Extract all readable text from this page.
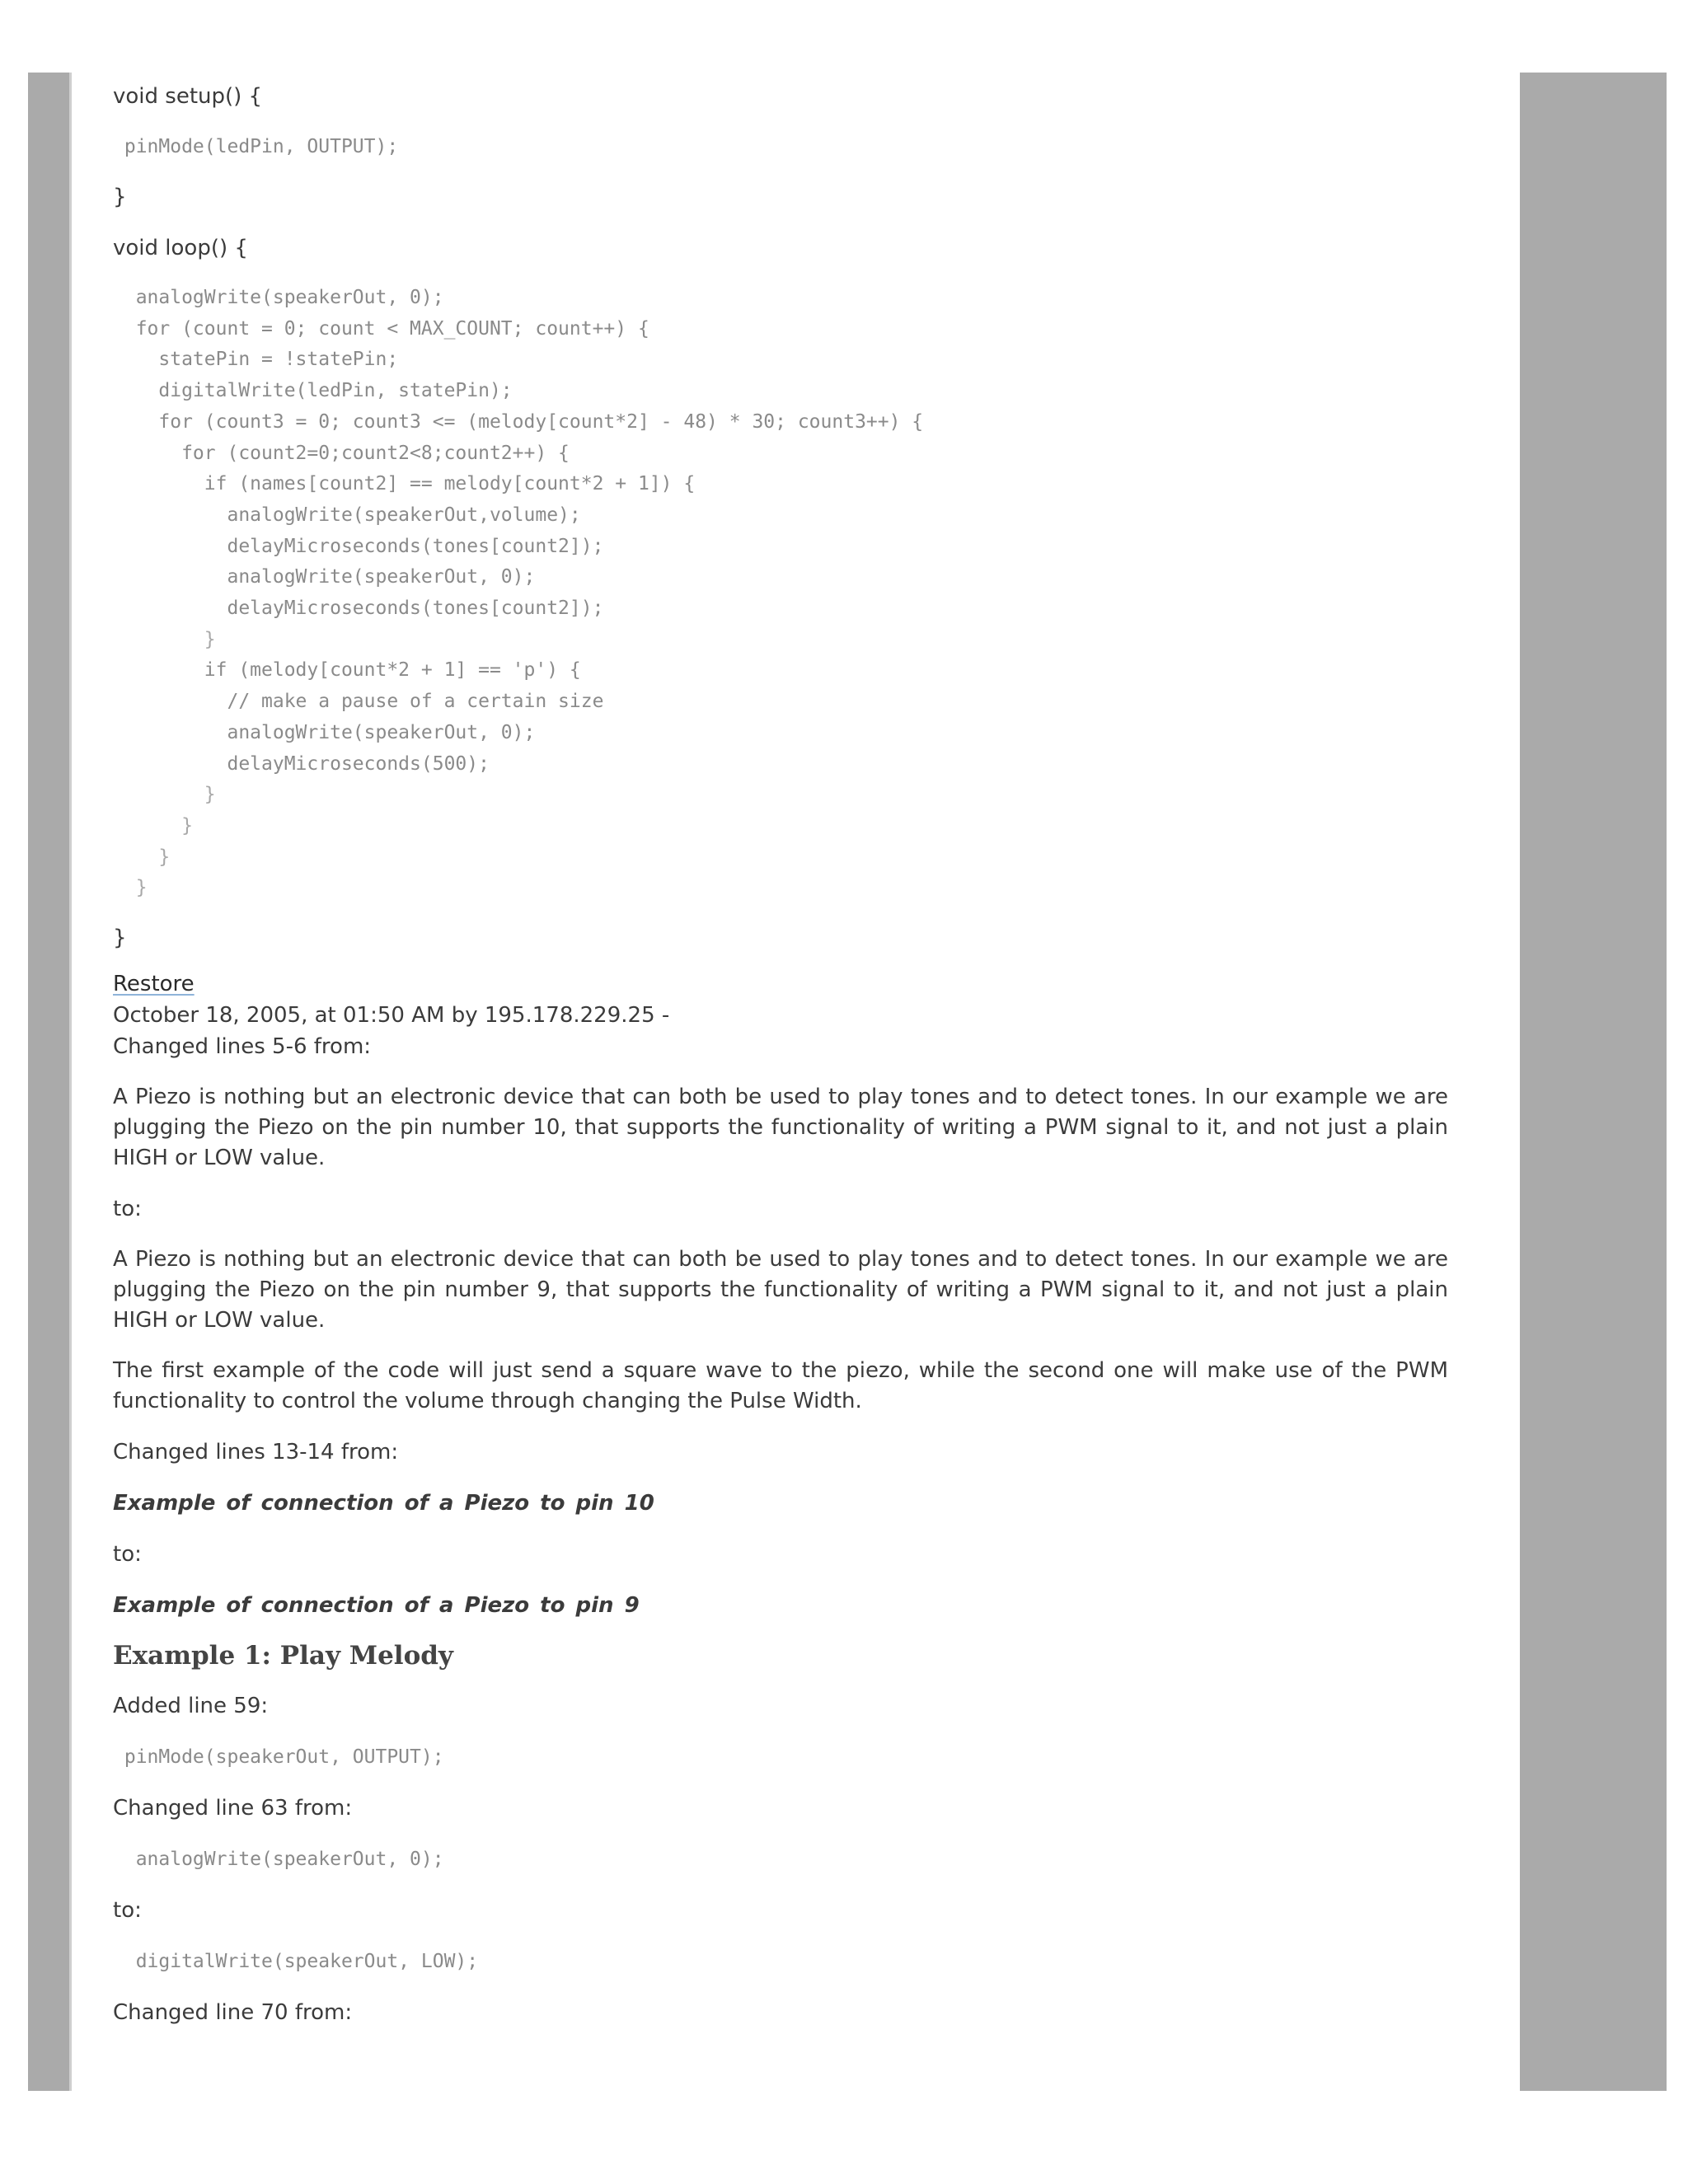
void setup() {

pinMode(ledPin, OUTPUT);

}

void loop() {

analogWrite(speakerOut, 0);

for (count = 0; count < MAX_COUNT; count++) {

statePin = !statePin;

digitalWrite(ledPin, statePin);

for (count3 = 0; count3 <= (melody[count*2] - 48) * 30; count3++) {

for (count2=0;count2<8;count2++) {

if (names[count2] == melody[count*2 + 1]) {

analogWrite(speakerOut,volume);

delayMicroseconds(tones[count2]);

analogWrite(speakerOut, 0);

delayMicroseconds(tones[count2]);

}

if (melody[count*2 + 1] == 'p') {

// make a pause of a certain size

analogWrite(speakerOut, 0);

delayMicroseconds(500);

}

}

}

}

}

Restore

October 18, 2005, at 01:50 AM by 195.178.229.25 -

Changed lines 5-6 from:

A Piezo is nothing but an electronic device that can both be used to play tones and to detect tones. In our example we are plugging the Piezo on the pin number 10, that supports the functionality of writing a PWM signal to it, and not just a plain HIGH or LOW value.

to:

A Piezo is nothing but an electronic device that can both be used to play tones and to detect tones. In our example we are plugging the Piezo on the pin number 9, that supports the functionality of writing a PWM signal to it, and not just a plain HIGH or LOW value.

The first example of the code will just send a square wave to the piezo, while the second one will make use of the PWM functionality to control the volume through changing the Pulse Width.

Changed lines 13-14 from:

Example of connection of a Piezo to pin 10

to:

Example of connection of a Piezo to pin 9

Example 1: Play Melody

Added line 59:

pinMode(speakerOut, OUTPUT);

Changed line 63 from:

analogWrite(speakerOut, 0);

to:

digitalWrite(speakerOut, LOW);

Changed line 70 from:
